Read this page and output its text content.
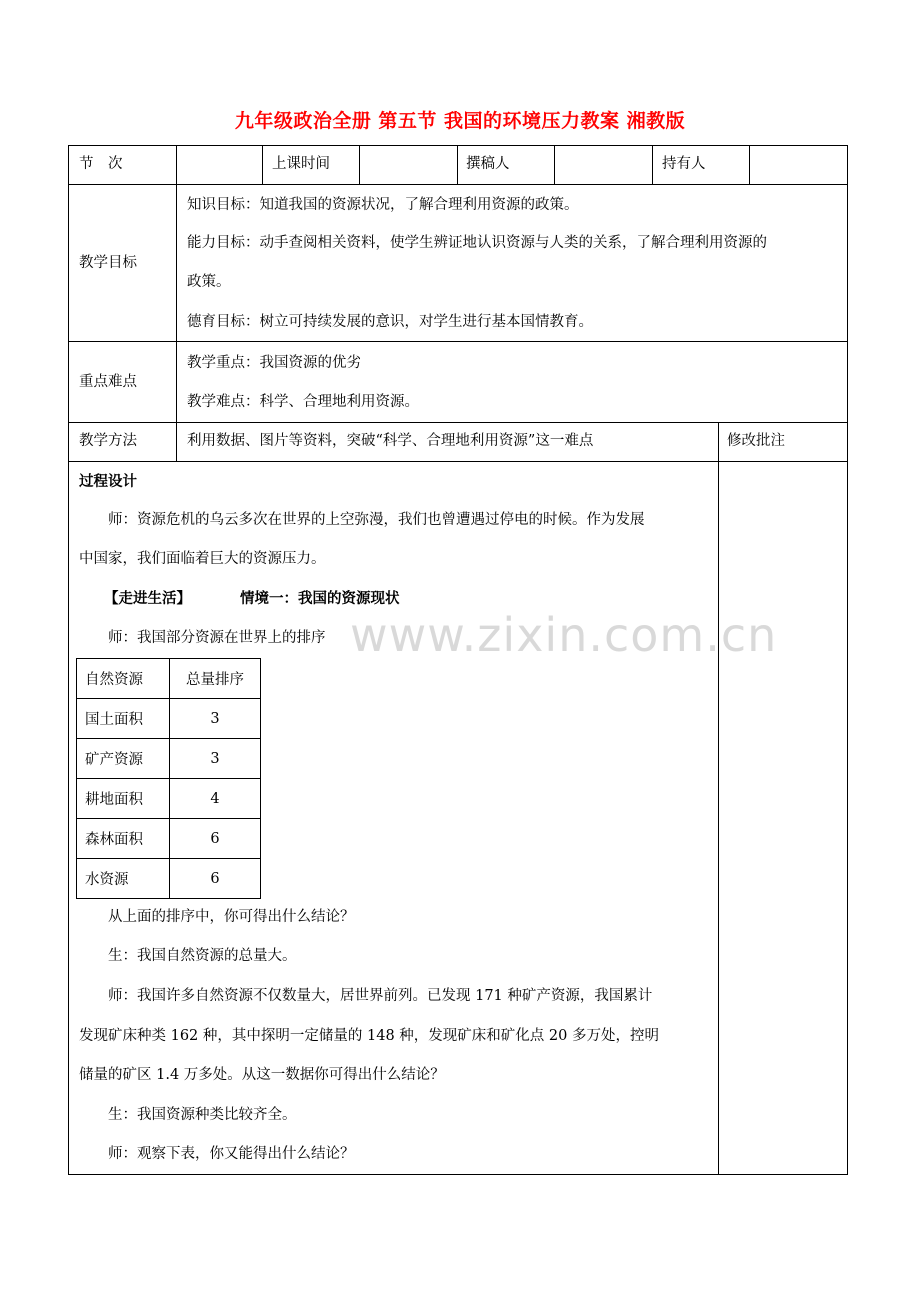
九年级政治全册 第五节 我国的环境压力教案 湘教版
节　次	上课时间	撰稿人	持有人
教学目标
知识目标：知道我国的资源状况，了解合理利用资源的政策。
能力目标：动手查阅相关资料，使学生辨证地认识资源与人类的关系，了解合理利用资源的
政策。
德育目标：树立可持续发展的意识，对学生进行基本国情教育。
重点难点
教学重点：我国资源的优劣
教学难点：科学、合理地利用资源。
教学方法	利用数据、图片等资料，突破“科学、合理地利用资源”这一难点	修改批注
过程设计
师：资源危机的乌云多次在世界的上空弥漫，我们也曾遭遇过停电的时候。作为发展
中国家，我们面临着巨大的资源压力。
【走进生活】	情境一：我国的资源现状
师：我国部分资源在世界上的排序 www.zixin.com.cn
自然资源	总量排序
国土面积	3
矿产资源	3
耕地面积	4
森林面积	6
水资源	6
从上面的排序中，你可得出什么结论？
生：我国自然资源的总量大。
师：我国许多自然资源不仅数量大，居世界前列。已发现 171 种矿产资源，我国累计
发现矿床种类 162 种，其中探明一定储量的 148 种，发现矿床和矿化点 20 多万处，控明
储量的矿区 1.4 万多处。从这一数据你可得出什么结论？
生：我国资源种类比较齐全。
师：观察下表，你又能得出什么结论？
